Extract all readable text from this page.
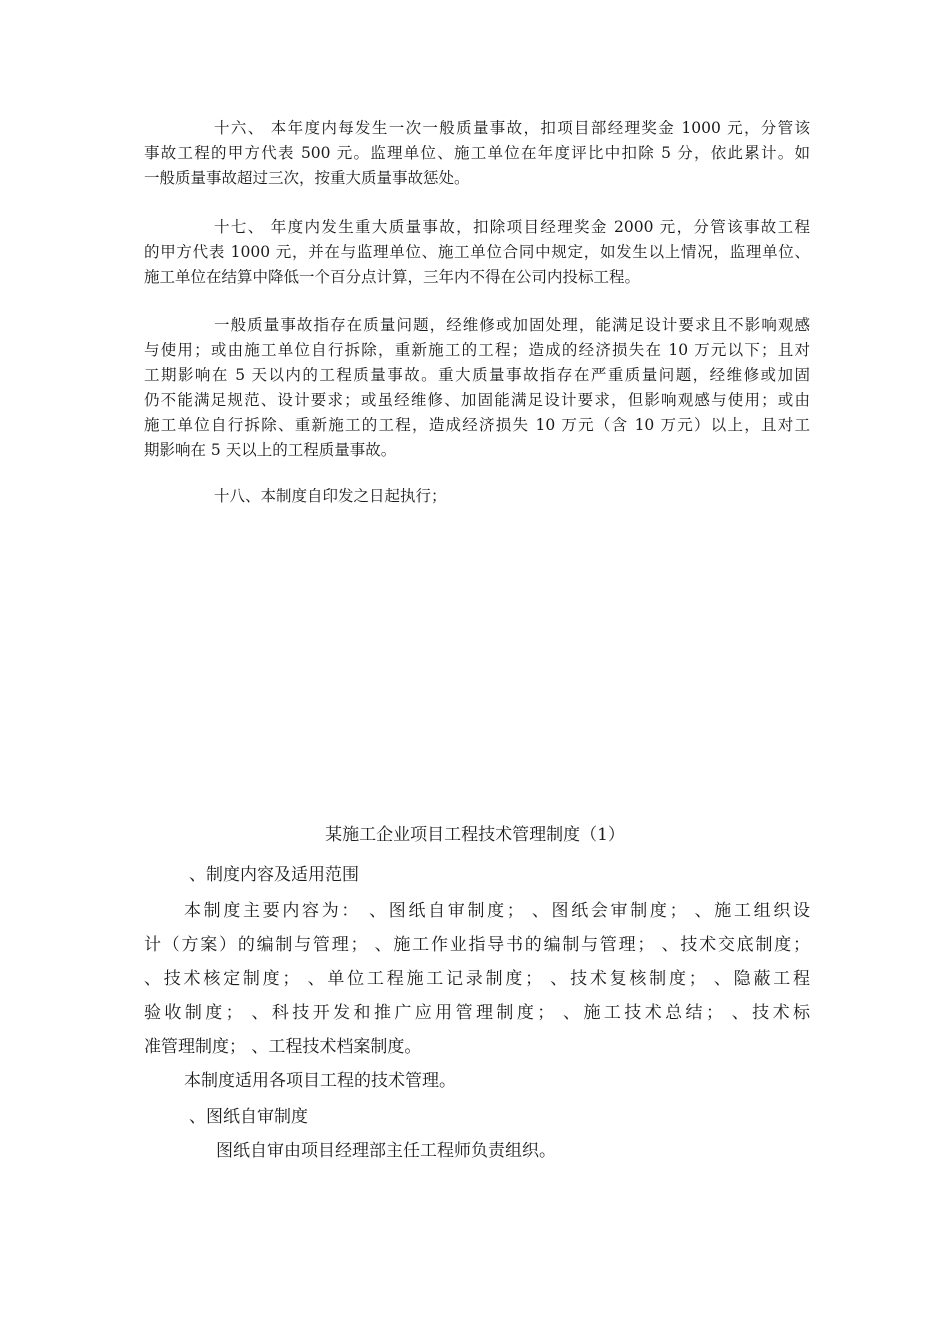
十六、 本年度内每发生一次一般质量事故，扣项目部经理奖金 1000 元，分管该
事故工程的甲方代表 500 元。监理单位、施工单位在年度评比中扣除 5 分，依此累计。如
一般质量事故超过三次，按重大质量事故惩处。
十七、 年度内发生重大质量事故，扣除项目经理奖金 2000 元，分管该事故工程
的甲方代表 1000 元，并在与监理单位、施工单位合同中规定，如发生以上情况，监理单位、
施工单位在结算中降低一个百分点计算，三年内不得在公司内投标工程。
一般质量事故指存在质量问题，经维修或加固处理，能满足设计要求且不影响观感
与使用；或由施工单位自行拆除，重新施工的工程；造成的经济损失在 10 万元以下；且对
工期影响在 5 天以内的工程质量事故。重大质量事故指存在严重质量问题，经维修或加固
仍不能满足规范、设计要求；或虽经维修、加固能满足设计要求，但影响观感与使用；或由
施工单位自行拆除、重新施工的工程，造成经济损失 10 万元（含 10 万元）以上，且对工
期影响在 5 天以上的工程质量事故。
十八、本制度自印发之日起执行；
某施工企业项目工程技术管理制度（1）
、制度内容及适用范围
本制度主要内容为： 、图纸自审制度； 、图纸会审制度； 、施工组织设
计（方案）的编制与管理； 、施工作业指导书的编制与管理； 、技术交底制度；
、技术核定制度； 、单位工程施工记录制度； 、技术复核制度； 、隐蔽工程
验收制度； 、科技开发和推广应用管理制度； 、施工技术总结； 、技术标
准管理制度； 、工程技术档案制度。
本制度适用各项目工程的技术管理。
、图纸自审制度
图纸自审由项目经理部主任工程师负责组织。
